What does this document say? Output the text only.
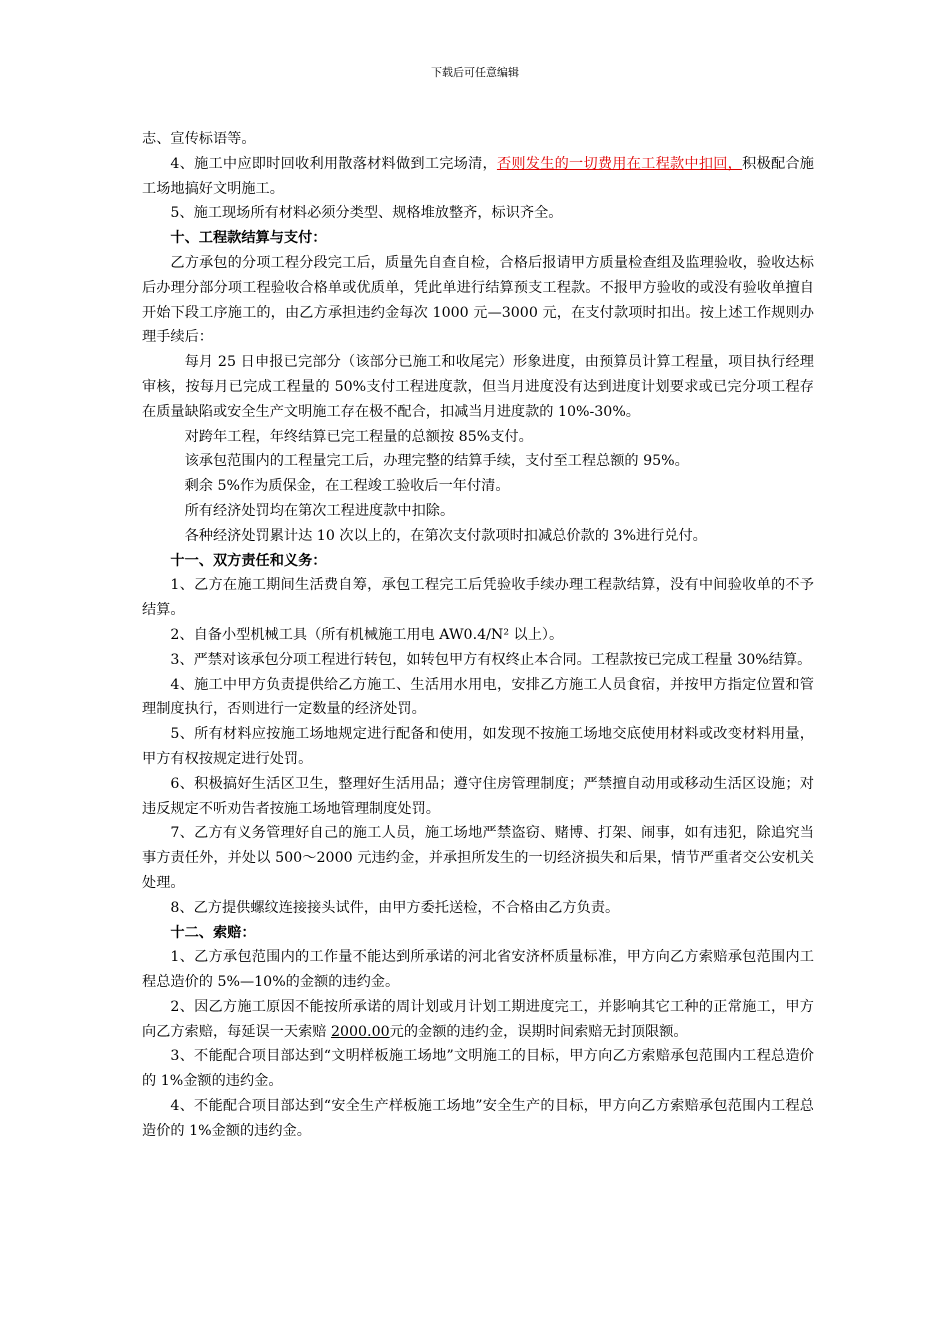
下载后可任意编辑

志、宣传标语等。

4、施工中应即时回收利用散落材料做到工完场清，否则发生的一切费用在工程款中扣回，积极配合施工场地搞好文明施工。

5、施工现场所有材料必须分类型、规格堆放整齐，标识齐全。

十、工程款结算与支付：

乙方承包的分项工程分段完工后，质量先自查自检，合格后报请甲方质量检查组及监理验收，验收达标后办理分部分项工程验收合格单或优质单，凭此单进行结算预支工程款。不报甲方验收的或没有验收单擅自开始下段工序施工的，由乙方承担违约金每次 1000 元—3000 元，在支付款项时扣出。按上述工作规则办理手续后：

每月 25 日申报已完部分（该部分已施工和收尾完）形象进度，由预算员计算工程量，项目执行经理审核，按每月已完成工程量的 50%支付工程进度款，但当月进度没有达到进度计划要求或已完分项工程存在质量缺陷或安全生产文明施工存在极不配合，扣减当月进度款的 10%-30%。

对跨年工程，年终结算已完工程量的总额按 85%支付。

该承包范围内的工程量完工后，办理完整的结算手续，支付至工程总额的 95%。

剩余 5%作为质保金，在工程竣工验收后一年付清。

所有经济处罚均在第次工程进度款中扣除。

各种经济处罚累计达 10 次以上的，在第次支付款项时扣减总价款的 3%进行兑付。

十一、双方责任和义务：

1、乙方在施工期间生活费自筹，承包工程完工后凭验收手续办理工程款结算，没有中间验收单的不予结算。

2、自备小型机械工具（所有机械施工用电 AW0.4/N² 以上）。

3、严禁对该承包分项工程进行转包，如转包甲方有权终止本合同。工程款按已完成工程量 30%结算。

4、施工中甲方负责提供给乙方施工、生活用水用电，安排乙方施工人员食宿，并按甲方指定位置和管理制度执行，否则进行一定数量的经济处罚。

5、所有材料应按施工场地规定进行配备和使用，如发现不按施工场地交底使用材料或改变材料用量，甲方有权按规定进行处罚。

6、积极搞好生活区卫生，整理好生活用品；遵守住房管理制度；严禁擅自动用或移动生活区设施；对违反规定不听劝告者按施工场地管理制度处罚。

7、乙方有义务管理好自己的施工人员，施工场地严禁盗窃、赌博、打架、闹事，如有违犯，除追究当事方责任外，并处以 500～2000 元违约金，并承担所发生的一切经济损失和后果，情节严重者交公安机关处理。

8、乙方提供螺纹连接接头试件，由甲方委托送检，不合格由乙方负责。

十二、索赔：

1、乙方承包范围内的工作量不能达到所承诺的河北省安济杯质量标准，甲方向乙方索赔承包范围内工程总造价的 5%—10%的金额的违约金。

2、因乙方施工原因不能按所承诺的周计划或月计划工期进度完工，并影响其它工种的正常施工，甲方向乙方索赔，每延误一天索赔 2000.00元的金额的违约金，误期时间索赔无封顶限额。

3、不能配合项目部达到“文明样板施工场地”文明施工的目标，甲方向乙方索赔承包范围内工程总造价的 1%金额的违约金。

4、不能配合项目部达到“安全生产样板施工场地”安全生产的目标，甲方向乙方索赔承包范围内工程总造价的 1%金额的违约金。
